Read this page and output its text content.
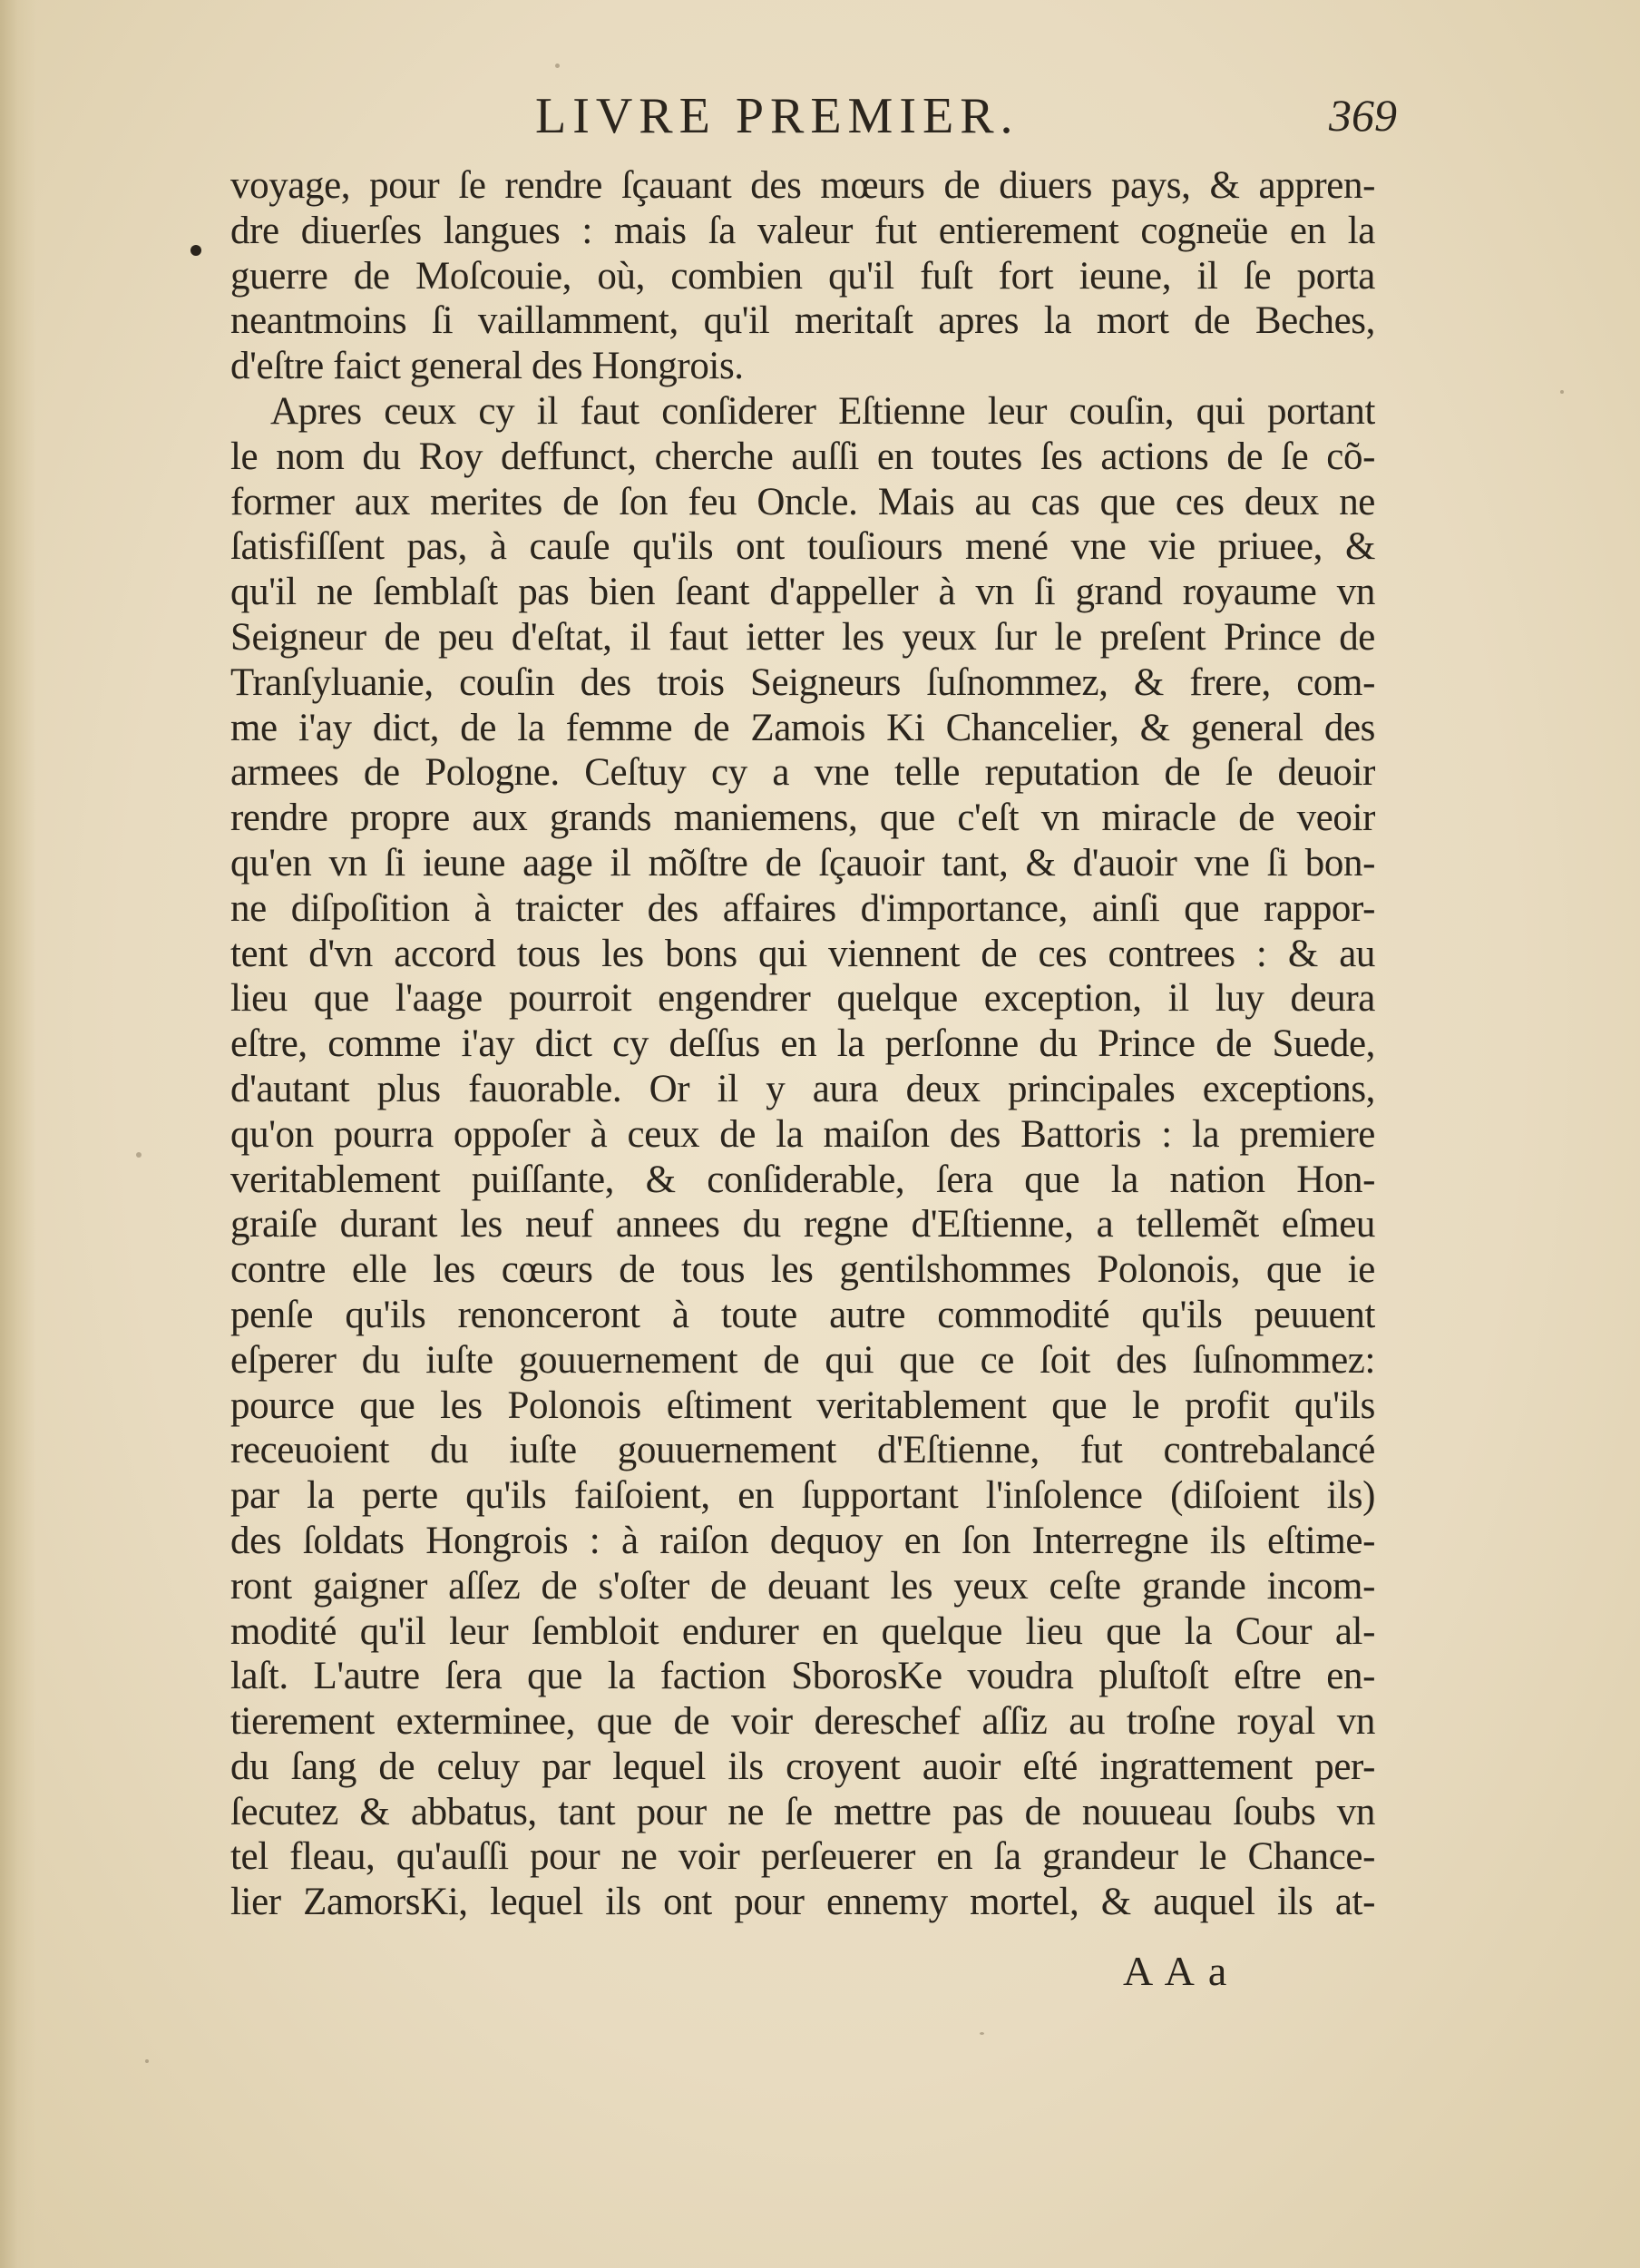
LIVRE PREMIER.	369
voyage, pour ſe rendre ſçauant des mœurs de diuers pays, & appren-
dre diuerſes langues : mais ſa valeur fut entierement cogneüe en la
guerre de Moſcouie, où, combien qu'il fuſt fort ieune, il ſe porta
neantmoins ſi vaillamment, qu'il meritaſt apres la mort de Beches,
d'eſtre faict general des Hongrois.
Apres ceux cy il faut conſiderer Eſtienne leur couſin, qui portant
le nom du Roy deffunct, cherche auſſi en toutes ſes actions de ſe cõ-
former aux merites de ſon feu Oncle. Mais au cas que ces deux ne
ſatisfiſſent pas, à cauſe qu'ils ont touſiours mené vne vie priuee, &
qu'il ne ſemblaſt pas bien ſeant d'appeller à vn ſi grand royaume vn
Seigneur de peu d'eſtat, il faut ietter les yeux ſur le preſent Prince de
Tranſyluanie, couſin des trois Seigneurs ſuſnommez, & frere, com-
me i'ay dict, de la femme de Zamois Ki Chancelier, & general des
armees de Pologne. Ceſtuy cy a vne telle reputation de ſe deuoir
rendre propre aux grands maniemens, que c'eſt vn miracle de veoir
qu'en vn ſi ieune aage il mõſtre de ſçauoir tant, & d'auoir vne ſi bon-
ne diſpoſition à traicter des affaires d'importance, ainſi que rappor-
tent d'vn accord tous les bons qui viennent de ces contrees : & au
lieu que l'aage pourroit engendrer quelque exception, il luy deura
eſtre, comme i'ay dict cy deſſus en la perſonne du Prince de Suede,
d'autant plus fauorable. Or il y aura deux principales exceptions,
qu'on pourra oppoſer à ceux de la maiſon des Battoris : la premiere
veritablement puiſſante, & conſiderable, ſera que la nation Hon-
graiſe durant les neuf annees du regne d'Eſtienne, a tellemẽt eſmeu
contre elle les cœurs de tous les gentilshommes Polonois, que ie
penſe qu'ils renonceront à toute autre commodité qu'ils peuuent
eſperer du iuſte gouuernement de qui que ce ſoit des ſuſnommez:
pource que les Polonois eſtiment veritablement que le profit qu'ils
receuoient du iuſte gouuernement d'Eſtienne, fut contrebalancé
par la perte qu'ils faiſoient, en ſupportant l'inſolence (diſoient ils)
des ſoldats Hongrois : à raiſon dequoy en ſon Interregne ils eſtime-
ront gaigner aſſez de s'oſter de deuant les yeux ceſte grande incom-
modité qu'il leur ſembloit endurer en quelque lieu que la Cour al-
laſt. L'autre ſera que la faction SborosKe voudra pluſtoſt eſtre en-
tierement exterminee, que de voir dereschef aſſiz au troſne royal vn
du ſang de celuy par lequel ils croyent auoir eſté ingrattement per-
ſecutez & abbatus, tant pour ne ſe mettre pas de nouueau ſoubs vn
tel fleau, qu'auſſi pour ne voir perſeuerer en ſa grandeur le Chance-
lier ZamorsKi, lequel ils ont pour ennemy mortel, & auquel ils at-
A A a
